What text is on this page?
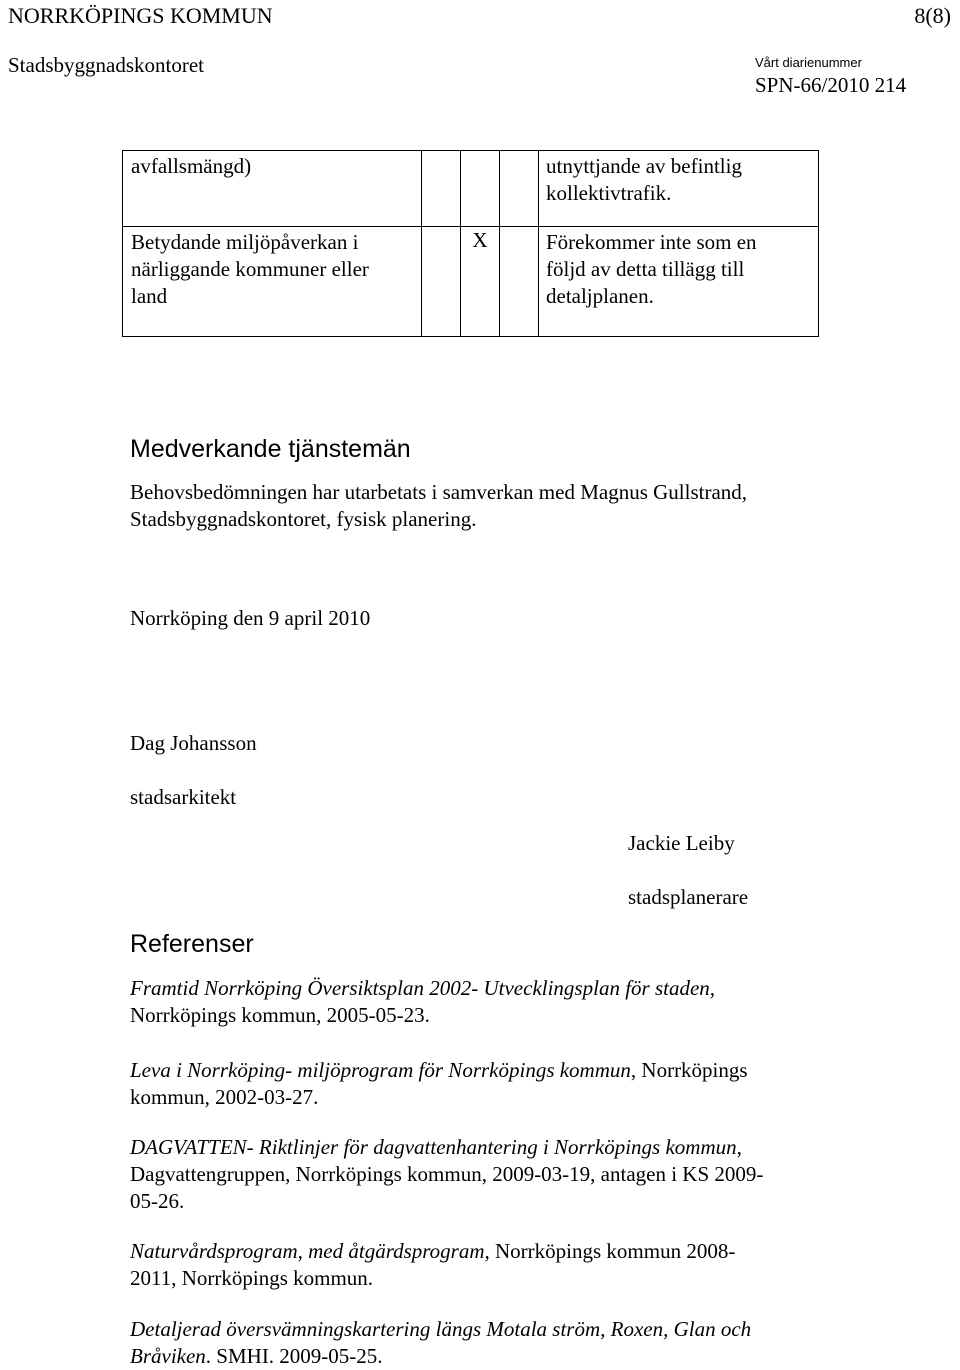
NORRKÖPINGS KOMMUN	8(8)
Stadsbyggnadskontoret	Vårt diarienummer
SPN-66/2010 214
avfallsmängd)				utnyttjande av befintlig
kollektivtrafik.

Betydande miljöpåverkan i
närliggande kommuner eller
land		X		Förekommer inte som en
följd av detta tillägg till
detaljplanen.
Medverkande tjänstemän
Behovsbedömningen har utarbetats i samverkan med Magnus Gullstrand,
Stadsbyggnadskontoret, fysisk planering.
Norrköping den 9 april 2010

Dag Johansson

stadsarkitekt

Jackie Leiby

stadsplanerare

Referenser
Framtid Norrköping Översiktsplan 2002- Utvecklingsplan för staden,
Norrköpings kommun, 2005-05-23.
Leva i Norrköping- miljöprogram för Norrköpings kommun, Norrköpings
kommun, 2002-03-27.
DAGVATTEN- Riktlinjer för dagvattenhantering i Norrköpings kommun,
Dagvattengruppen, Norrköpings kommun, 2009-03-19, antagen i KS 2009-
05-26.
Naturvårdsprogram, med åtgärdsprogram, Norrköpings kommun 2008-
2011, Norrköpings kommun.
Detaljerad översvämningskartering längs Motala ström, Roxen, Glan och
Bråviken. SMHI. 2009-05-25.
